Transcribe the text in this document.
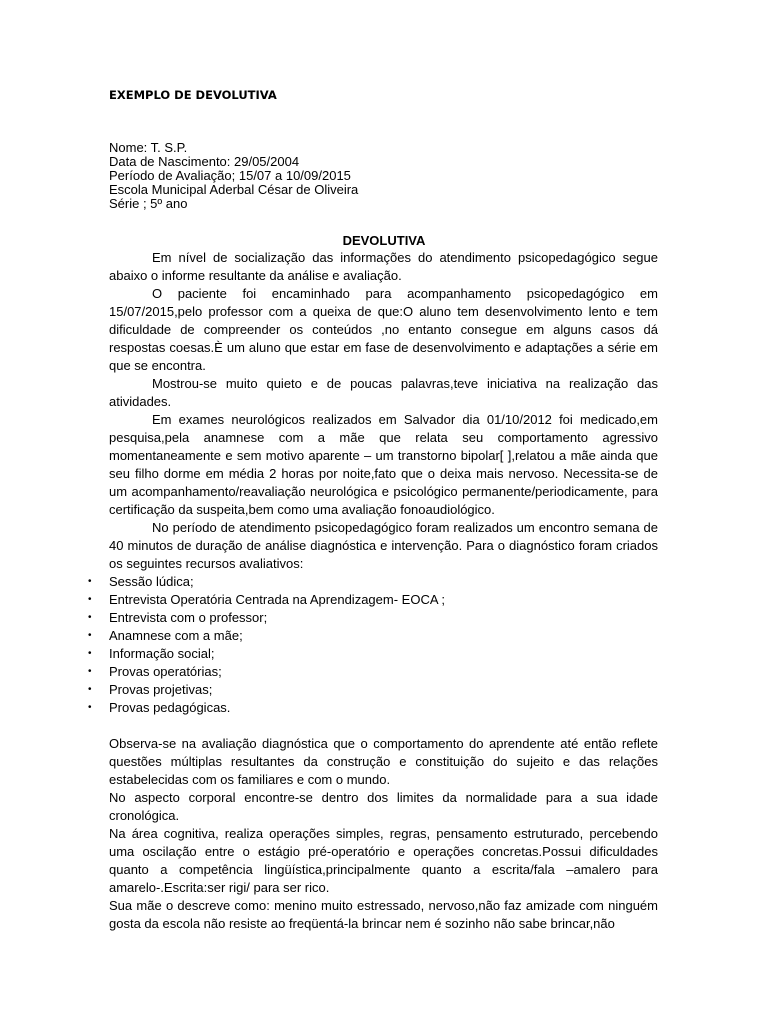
EXEMPLO DE DEVOLUTIVA
Nome: T. S.P.
Data de Nascimento: 29/05/2004
Período de Avaliação; 15/07 a 10/09/2015
Escola Municipal Aderbal César de Oliveira
Série ; 5º ano
DEVOLUTIVA

Em nível de socialização das informações do atendimento psicopedagógico segue abaixo o informe resultante da análise e avaliação.

O paciente foi encaminhado para acompanhamento psicopedagógico em 15/07/2015,pelo professor com a queixa de que:O aluno tem desenvolvimento lento e tem dificuldade de compreender os conteúdos ,no entanto consegue em alguns casos dá respostas coesas.È um aluno que estar em fase de desenvolvimento e adaptações a série em que se encontra.

Mostrou-se muito quieto e de poucas palavras,teve iniciativa na realização das atividades.

Em exames neurológicos realizados em Salvador dia 01/10/2012 foi medicado,em pesquisa,pela anamnese com a mãe que relata seu comportamento agressivo momentaneamente e sem motivo aparente – um transtorno bipolar[ ],relatou a mãe ainda que seu filho dorme em média 2 horas por noite,fato que o deixa mais nervoso. Necessita-se de um acompanhamento/reavaliação neurológica e psicológico permanente/periodicamente, para certificação da suspeita,bem como uma avaliação fonoaudiológico.

No período de atendimento psicopedagógico foram realizados um encontro semana de 40 minutos de duração de análise diagnóstica e intervenção. Para o diagnóstico foram criados os seguintes recursos avaliativos:

• Sessão lúdica;
• Entrevista Operatória Centrada na Aprendizagem- EOCA ;
• Entrevista com o professor;
• Anamnese com a mãe;
• Informação social;
• Provas operatórias;
• Provas projetivas;
• Provas pedagógicas.

Observa-se na avaliação diagnóstica que o comportamento do aprendente até então reflete questões múltiplas resultantes da construção e constituição do sujeito e das relações estabelecidas com os familiares e com o mundo.

No aspecto corporal encontre-se dentro dos limites da normalidade para a sua idade cronológica.

Na área cognitiva, realiza operações simples, regras, pensamento estruturado, percebendo uma oscilação entre o estágio pré-operatório e operações concretas.Possui dificuldades quanto a competência lingüística,principalmente quanto a escrita/fala –amalero para amarelo-.Escrita:ser rigi/ para ser rico.

Sua mãe o descreve como: menino muito estressado, nervoso,não faz amizade com ninguém gosta da escola não resiste ao freqüentá-la brincar nem é sozinho não sabe brincar,não
